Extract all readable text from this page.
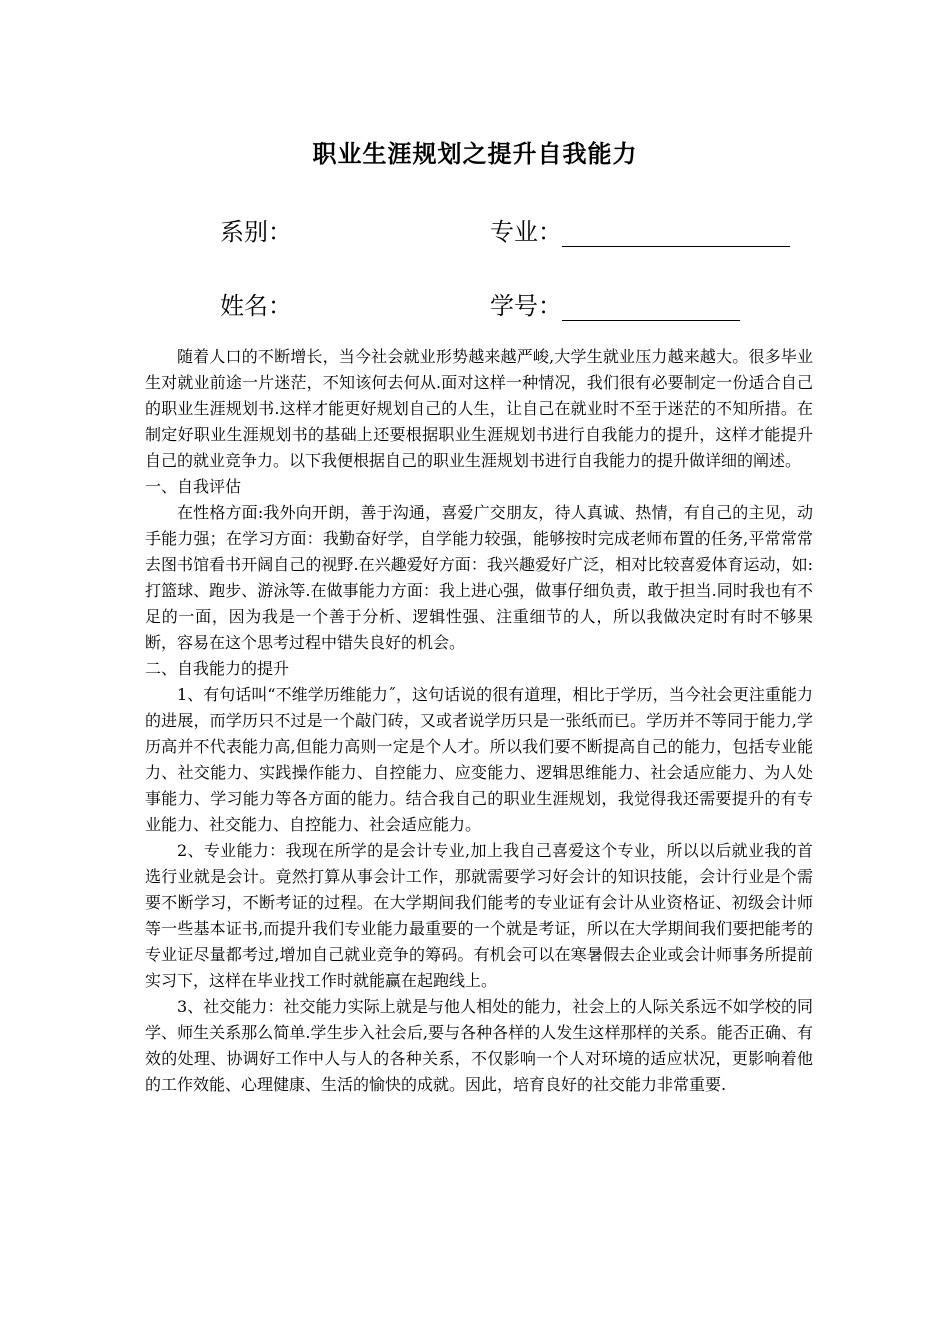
职业生涯规划之提升自我能力
系别：	专业：
姓名：	学号：

随着人口的不断增长，当今社会就业形势越来越严峻,大学生就业压力越来越大。很多毕业生对就业前途一片迷茫，不知该何去何从.面对这样一种情况，我们很有必要制定一份适合自己的职业生涯规划书.这样才能更好规划自己的人生，让自己在就业时不至于迷茫的不知所措。在制定好职业生涯规划书的基础上还要根据职业生涯规划书进行自我能力的提升，这样才能提升自己的就业竞争力。以下我便根据自己的职业生涯规划书进行自我能力的提升做详细的阐述。

一、自我评估

在性格方面:我外向开朗，善于沟通，喜爱广交朋友，待人真诚、热情，有自己的主见，动手能力强；在学习方面：我勤奋好学，自学能力较强，能够按时完成老师布置的任务,平常常常去图书馆看书开阔自己的视野.在兴趣爱好方面：我兴趣爱好广泛，相对比较喜爱体育运动，如:打篮球、跑步、游泳等.在做事能力方面：我上进心强，做事仔细负责，敢于担当.同时我也有不足的一面，因为我是一个善于分析、逻辑性强、注重细节的人，所以我做决定时有时不够果断，容易在这个思考过程中错失良好的机会。

二、自我能力的提升

1、有句话叫“不维学历维能力˝，这句话说的很有道理，相比于学历，当今社会更注重能力的进展，而学历只不过是一个敲门砖，又或者说学历只是一张纸而已。学历并不等同于能力,学历高并不代表能力高,但能力高则一定是个人才。所以我们要不断提高自己的能力，包括专业能力、社交能力、实践操作能力、自控能力、应变能力、逻辑思维能力、社会适应能力、为人处事能力、学习能力等各方面的能力。结合我自己的职业生涯规划，我觉得我还需要提升的有专业能力、社交能力、自控能力、社会适应能力。

2、专业能力：我现在所学的是会计专业,加上我自己喜爱这个专业，所以以后就业我的首选行业就是会计。竟然打算从事会计工作，那就需要学习好会计的知识技能，会计行业是个需要不断学习，不断考证的过程。在大学期间我们能考的专业证有会计从业资格证、初级会计师等一些基本证书,而提升我们专业能力最重要的一个就是考证，所以在大学期间我们要把能考的专业证尽量都考过,增加自己就业竞争的筹码。有机会可以在寒暑假去企业或会计师事务所提前实习下，这样在毕业找工作时就能赢在起跑线上。

3、社交能力：社交能力实际上就是与他人相处的能力，社会上的人际关系远不如学校的同学、师生关系那么简单.学生步入社会后,要与各种各样的人发生这样那样的关系。能否正确、有效的处理、协调好工作中人与人的各种关系，不仅影响一个人对环境的适应状况，更影响着他的工作效能、心理健康、生活的愉快的成就。因此，培育良好的社交能力非常重要.
